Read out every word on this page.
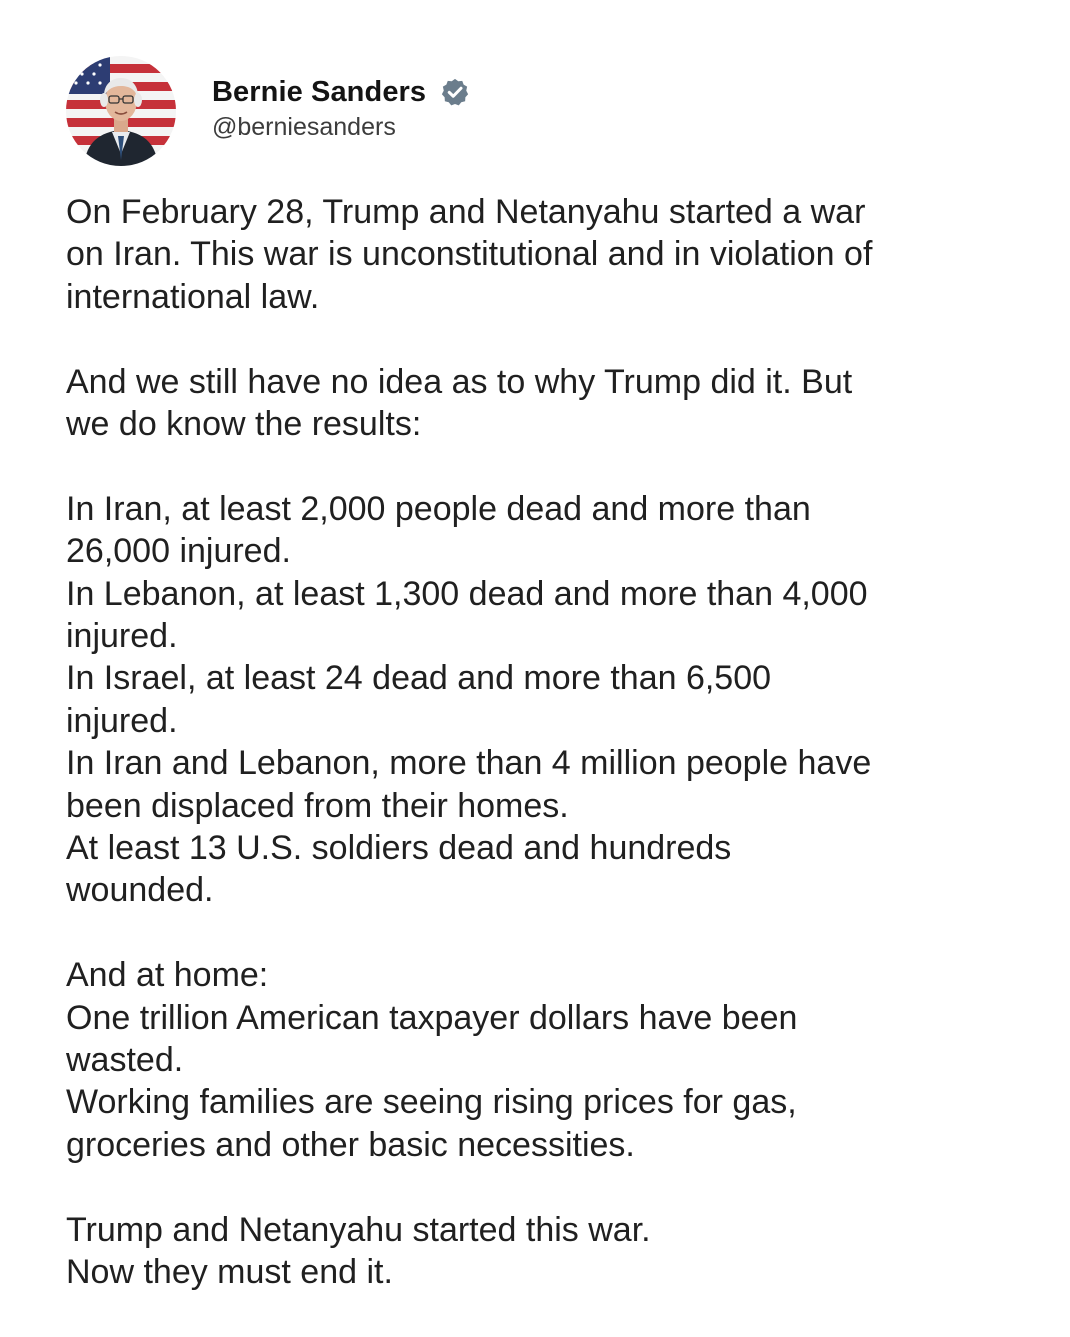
Bernie Sanders
@berniesanders

On February 28, Trump and Netanyahu started a war
on Iran. This war is unconstitutional and in violation of
international law.

And we still have no idea as to why Trump did it. But
we do know the results:

In Iran, at least 2,000 people dead and more than
26,000 injured.
In Lebanon, at least 1,300 dead and more than 4,000
injured.
In Israel, at least 24 dead and more than 6,500
injured.
In Iran and Lebanon, more than 4 million people have
been displaced from their homes.
At least 13 U.S. soldiers dead and hundreds
wounded.

And at home:
One trillion American taxpayer dollars have been
wasted.
Working families are seeing rising prices for gas,
groceries and other basic necessities.

Trump and Netanyahu started this war.
Now they must end it.
